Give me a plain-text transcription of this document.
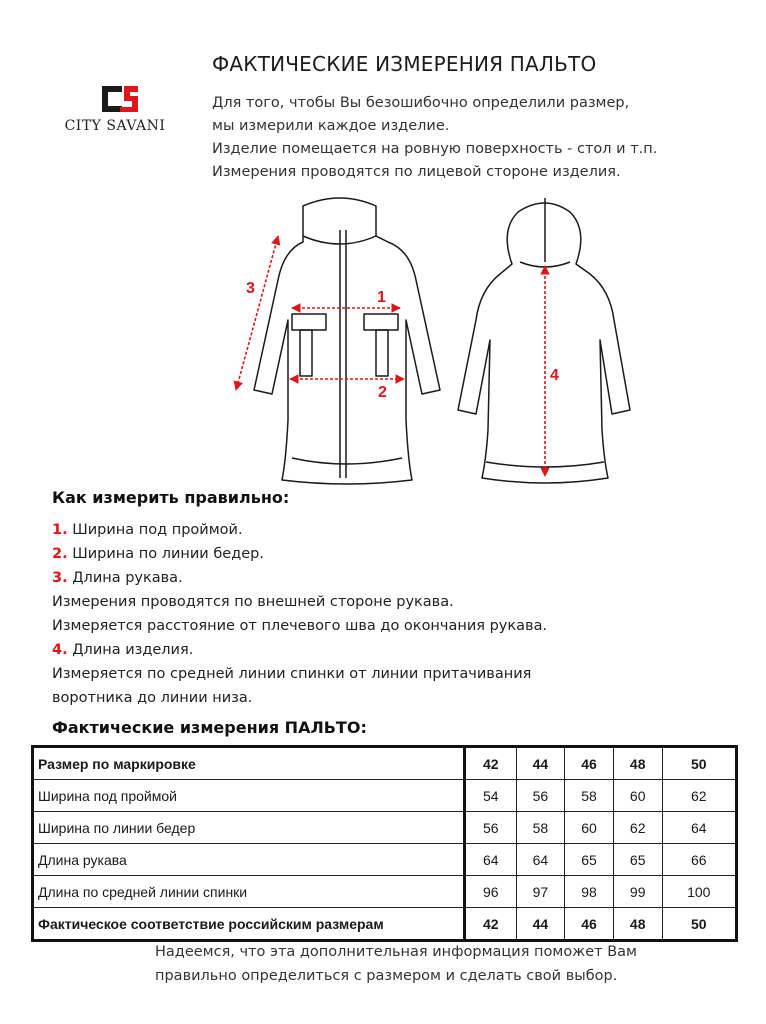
CITY SAVANI
ФАКТИЧЕСКИЕ ИЗМЕРЕНИЯ ПАЛЬТО
Для того, чтобы Вы безошибочно определили размер,
мы измерили каждое изделие.
Изделие помещается на ровную поверхность - стол и т.п.
Измерения проводятся по лицевой стороне изделия.
1
2
3
4
Как измерить правильно:
1. Ширина под проймой.
2. Ширина по линии бедер.
3. Длина рукава.
Измерения проводятся по внешней стороне рукава.
Измеряется расстояние от плечевого шва до окончания рукава.
4. Длина изделия.
Измеряется по средней линии спинки от линии притачивания
воротника до линии низа.
Фактические измерения ПАЛЬТО:
Размер по маркировке	42	44	46	48	50
Ширина под проймой	54	56	58	60	62
Ширина по линии бедер	56	58	60	62	64
Длина рукава	64	64	65	65	66
Длина по средней линии спинки	96	97	98	99	100
Фактическое соответствие российским размерам	42	44	46	48	50
Надеемся, что эта дополнительная информация поможет Вам
правильно определиться с размером и сделать свой выбор.
